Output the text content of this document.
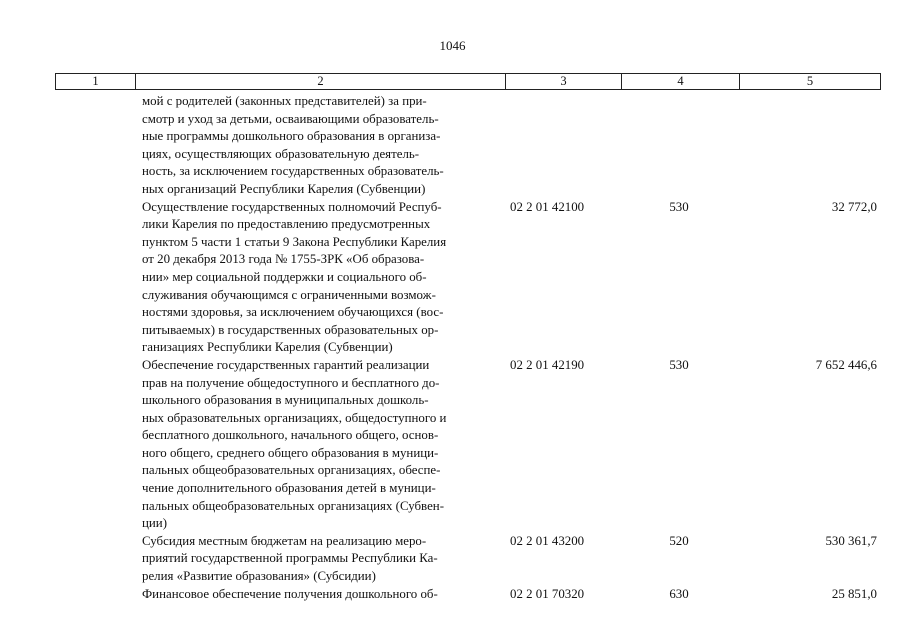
1046
1	2	3	4	5
мой с родителей (законных представителей) за при-
смотр и уход за детьми, осваивающими образователь-
ные программы дошкольного образования в организа-
циях, осуществляющих образовательную деятель-
ность, за исключением государственных образователь-
ных организаций Республики Карелия (Субвенции)
Осуществление государственных полномочий Респуб-
лики Карелия по предоставлению предусмотренных
пунктом 5 части 1 статьи 9 Закона Республики Карелия
от 20 декабря 2013 года № 1755-ЗРК «Об образова-
нии» мер социальной поддержки и социального об-
служивания обучающимся с ограниченными возмож-
ностями здоровья, за исключением обучающихся (вос-
питываемых) в государственных образовательных ор-
ганизациях Республики Карелия (Субвенции)
02 2 01 42100	530	32 772,0
Обеспечение государственных гарантий реализации
прав на получение общедоступного и бесплатного до-
школьного образования в муниципальных дошколь-
ных образовательных организациях, общедоступного и
бесплатного дошкольного, начального общего, основ-
ного общего, среднего общего образования в муници-
пальных общеобразовательных организациях, обеспе-
чение дополнительного образования детей в муници-
пальных общеобразовательных организациях (Субвен-
ции)
02 2 01 42190	530	7 652 446,6
Субсидия местным бюджетам на реализацию меро-
приятий государственной программы Республики Ка-
релия «Развитие образования» (Субсидии)
02 2 01 43200	520	530 361,7
Финансовое обеспечение получения дошкольного об-	02 2 01 70320	630	25 851,0
